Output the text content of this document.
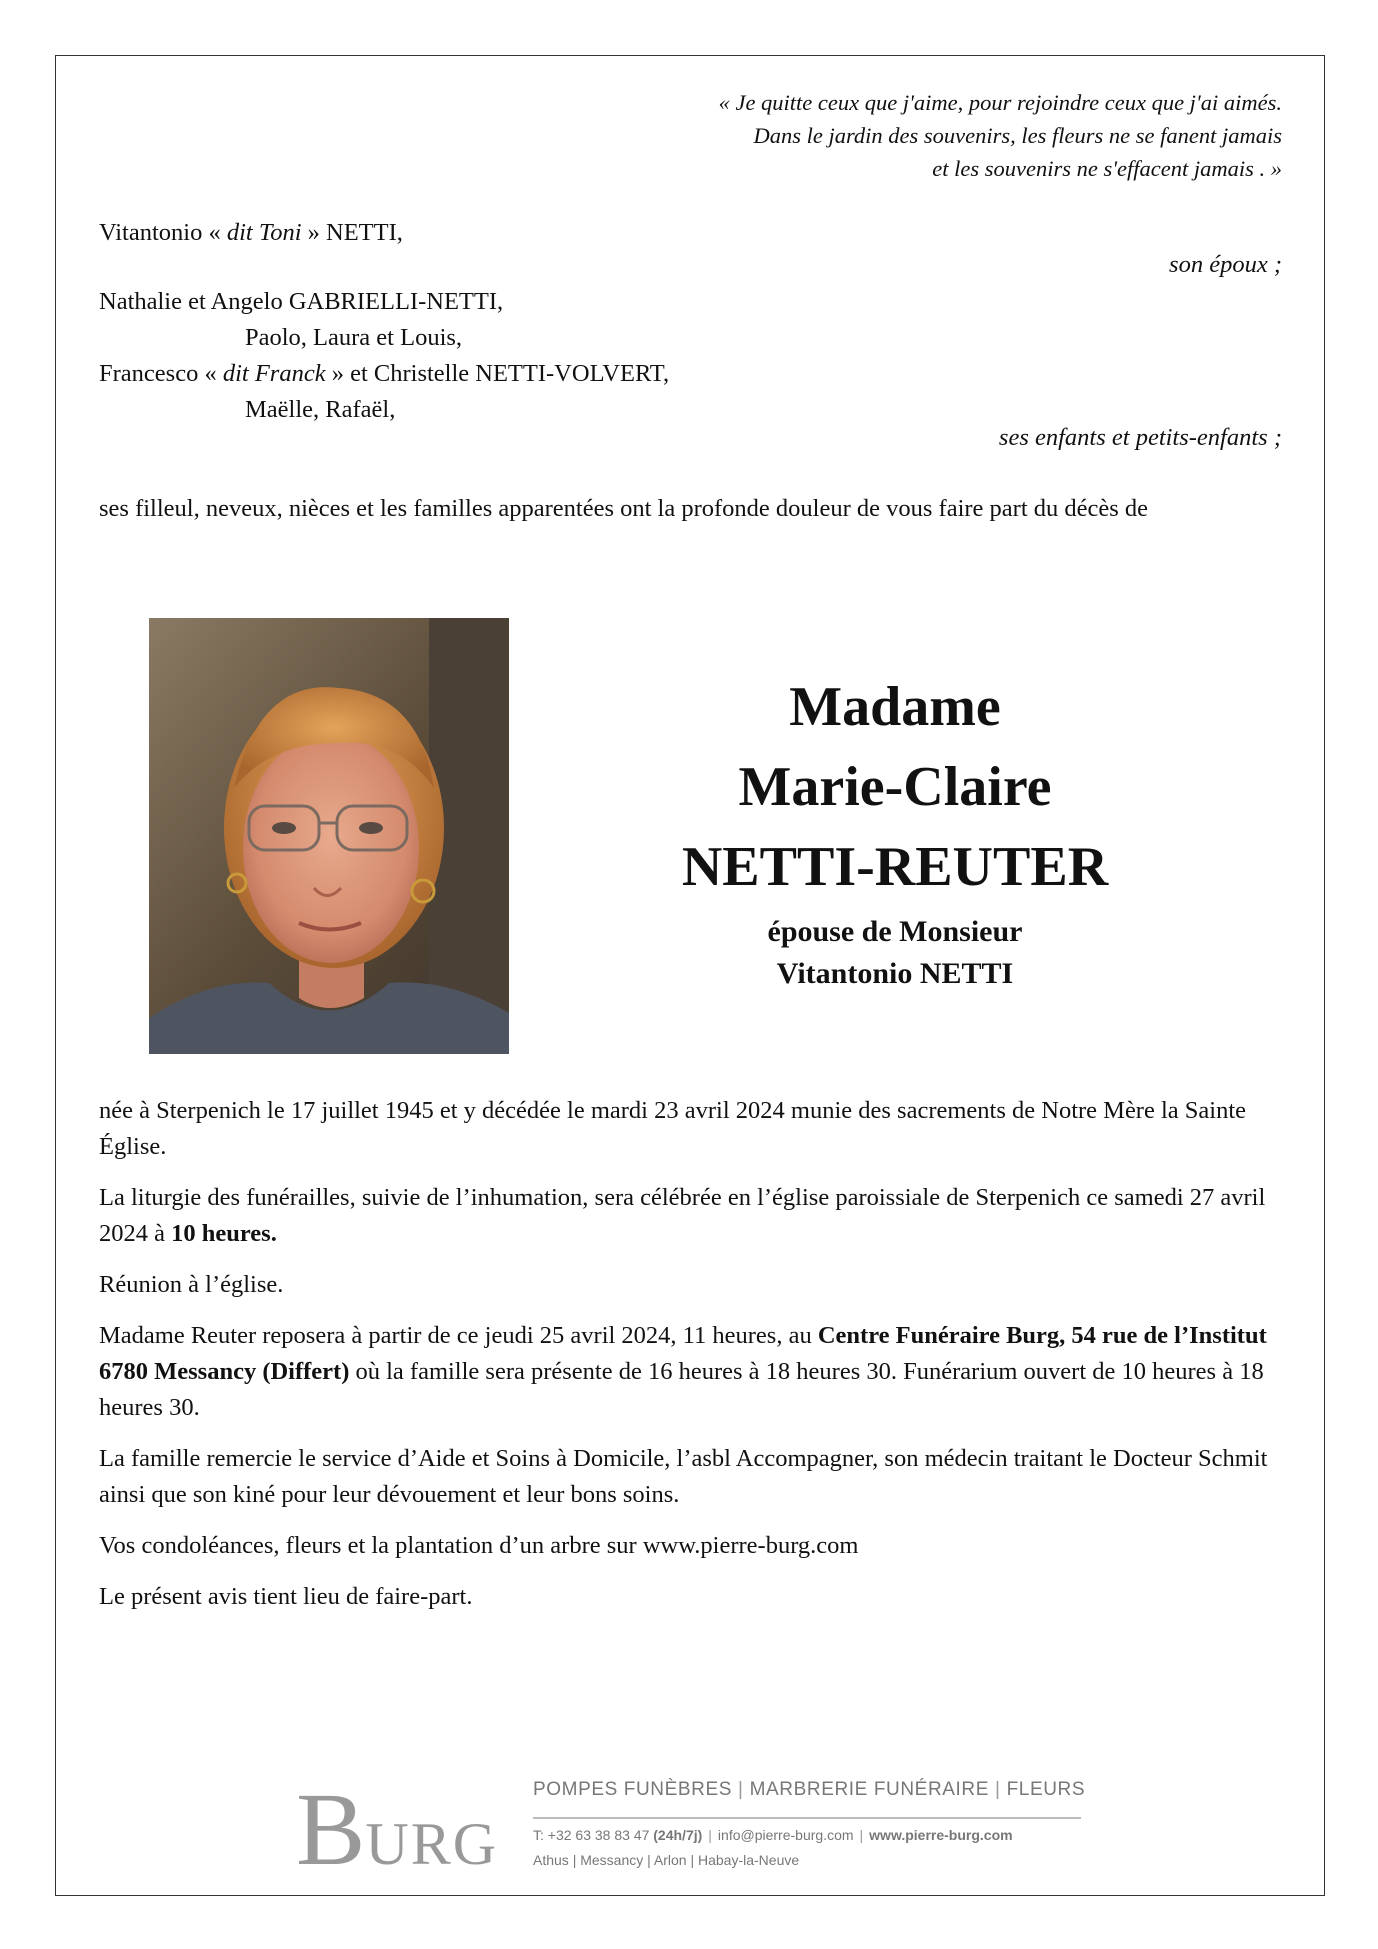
« Je quitte ceux que j'aime, pour rejoindre ceux que j'ai aimés.
Dans le jardin des souvenirs, les fleurs ne se fanent jamais
et les souvenirs ne s'effacent jamais . »
Vitantonio « dit Toni » NETTI,
son époux ;
Nathalie et Angelo GABRIELLI-NETTI,
Paolo, Laura et Louis,
Francesco « dit Franck » et Christelle NETTI-VOLVERT,
Maëlle, Rafaël,
ses enfants et petits-enfants ;
ses filleul, neveux, nièces et les familles apparentées ont la profonde douleur de vous faire part du décès de
Madame
Marie-Claire
NETTI-REUTER
épouse de Monsieur
Vitantonio NETTI
née à Sterpenich le 17 juillet 1945 et y décédée le mardi 23 avril 2024 munie des sacrements de Notre Mère la Sainte Église.
La liturgie des funérailles, suivie de l’inhumation, sera célébrée en l’église paroissiale de Sterpenich ce samedi 27 avril 2024 à 10 heures.
Réunion à l’église.
Madame Reuter reposera à partir de ce jeudi 25 avril 2024, 11 heures, au Centre Funéraire Burg, 54 rue de l’Institut 6780 Messancy (Differt) où la famille sera présente de 16 heures à 18 heures 30. Funérarium ouvert de 10 heures à 18 heures 30.
La famille remercie le service d’Aide et Soins à Domicile, l’asbl Accompagner, son médecin traitant le Docteur Schmit ainsi que son kiné pour leur dévouement et leur bons soins.
Vos condoléances, fleurs et la plantation d’un arbre sur www.pierre-burg.com
Le présent avis tient lieu de faire-part.
BURG
POMPES FUNÈBRES | MARBRERIE FUNÉRAIRE | FLEURS
T: +32 63 38 83 47 (24h/7j) | info@pierre-burg.com | www.pierre-burg.com
Athus | Messancy | Arlon | Habay-la-Neuve
